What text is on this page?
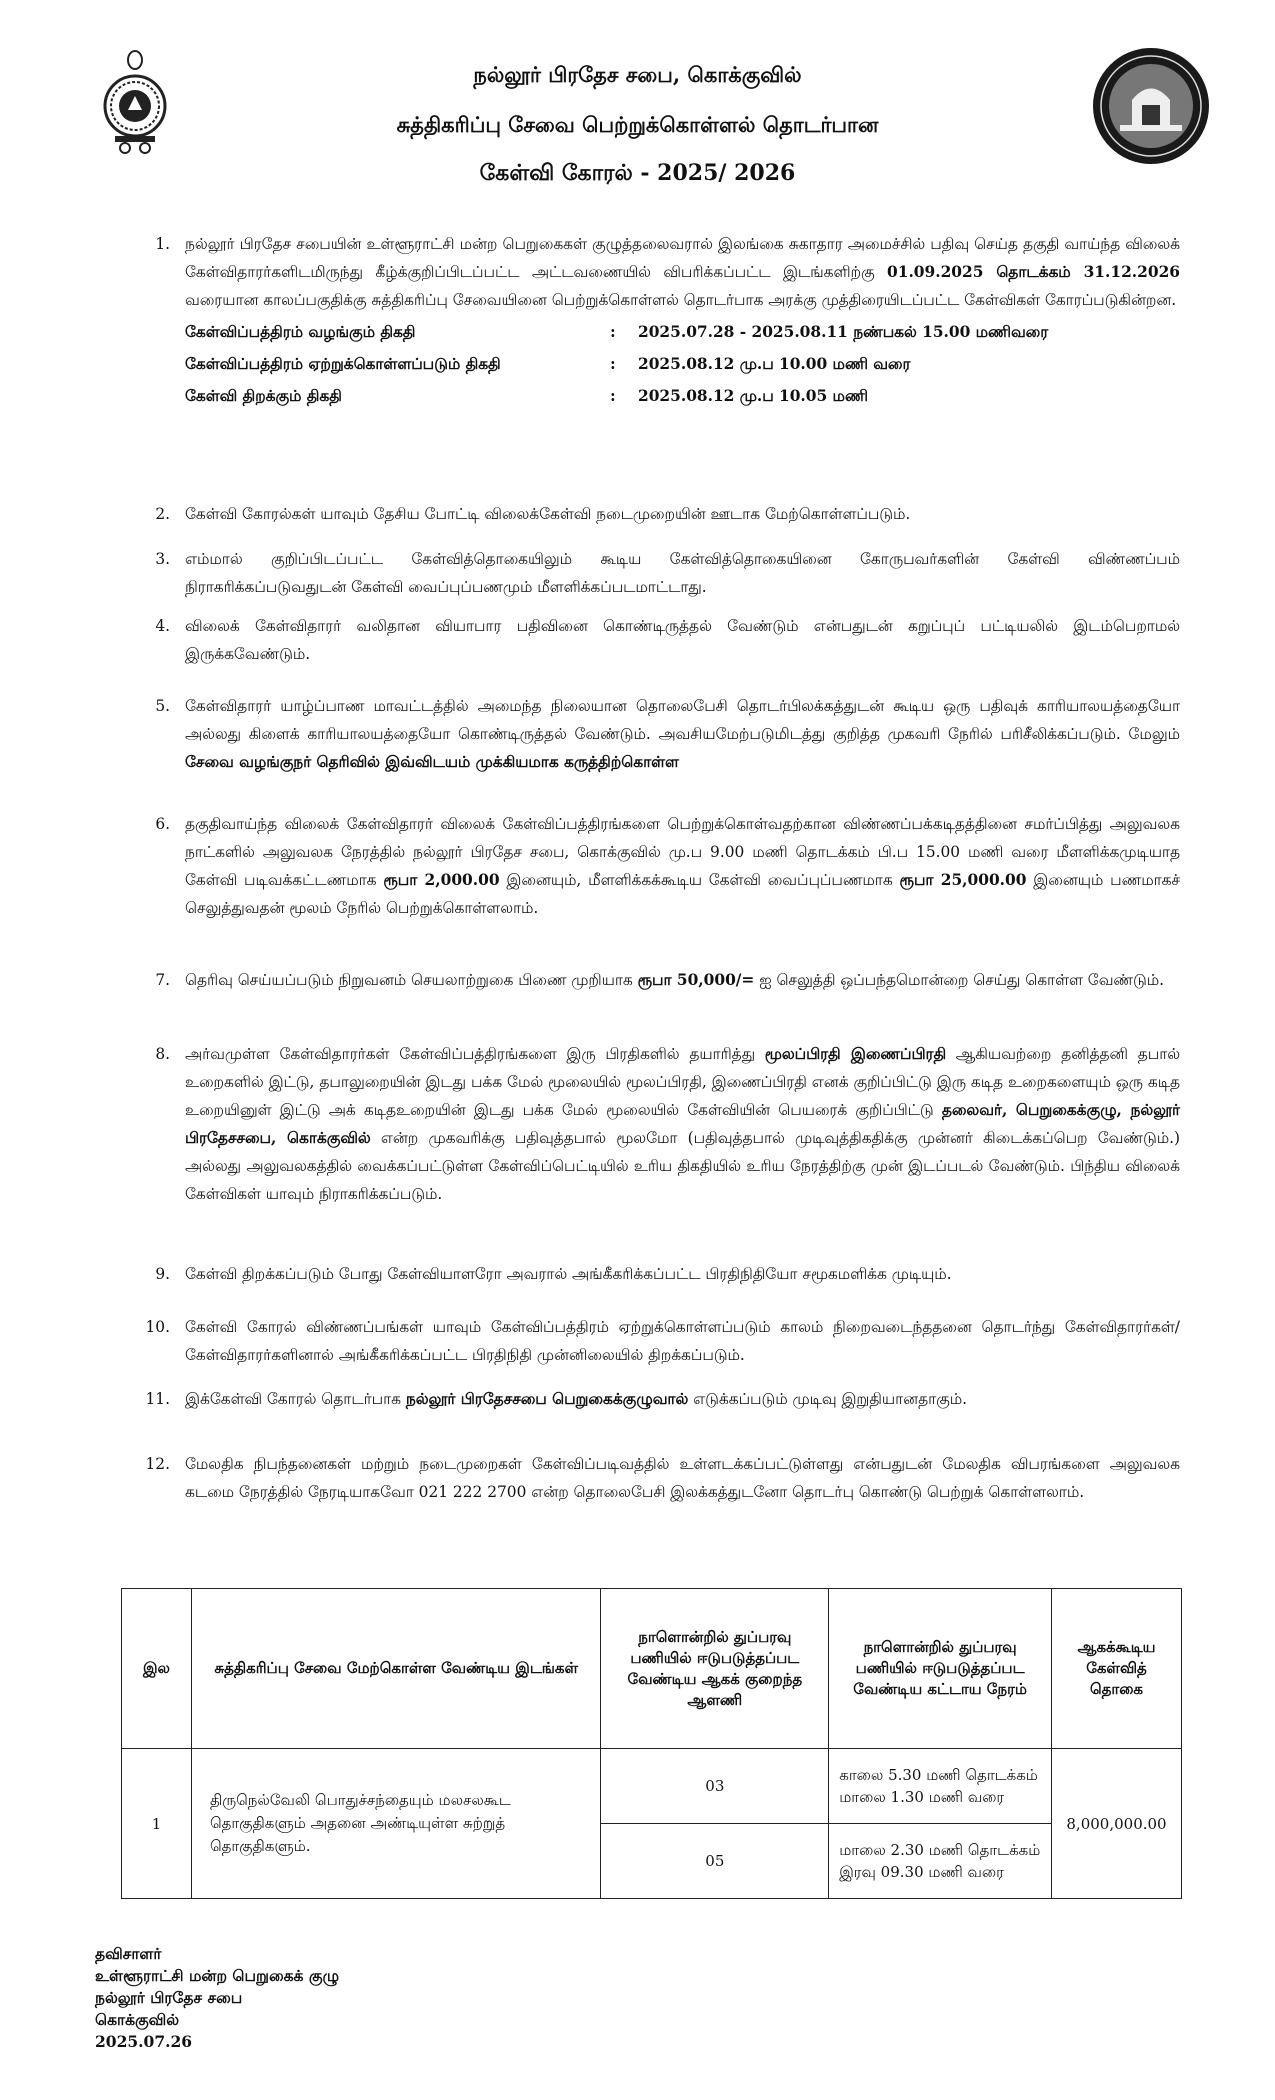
நல்லூர் பிரதேச சபை, கொக்குவில்
சுத்திகரிப்பு சேவை பெற்றுக்கொள்ளல் தொடர்பான
கேள்வி கோரல் - 2025/ 2026
1. நல்லூர் பிரதேச சபையின் உள்ளூராட்சி மன்ற பெறுகைகள் குழுத்தலைவரால் இலங்கை சுகாதார அமைச்சில் பதிவு செய்த தகுதி வாய்ந்த விலைக் கேள்விதாரர்களிடமிருந்து கீழ்க்குறிப்பிடப்பட்ட அட்டவணையில் விபரிக்கப்பட்ட இடங்களிற்கு 01.09.2025 தொடக்கம் 31.12.2026 வரையான காலப்பகுதிக்கு சுத்திகரிப்பு சேவையினை பெற்றுக்கொள்ளல் தொடர்பாக அரக்கு முத்திரையிடப்பட்ட கேள்விகள் கோரப்படுகின்றன.
கேள்விப்பத்திரம் வழங்கும் திகதி	:	2025.07.28 - 2025.08.11 நண்பகல் 15.00 மணிவரை
கேள்விப்பத்திரம் ஏற்றுக்கொள்ளப்படும் திகதி	:	2025.08.12 மு.ப 10.00 மணி வரை
கேள்வி திறக்கும் திகதி	:	2025.08.12 மு.ப 10.05 மணி
2. கேள்வி கோரல்கள் யாவும் தேசிய போட்டி விலைக்கேள்வி நடைமுறையின் ஊடாக மேற்கொள்ளப்படும்.
3. எம்மால் குறிப்பிடப்பட்ட கேள்வித்தொகையிலும் கூடிய கேள்வித்தொகையினை கோருபவர்களின் கேள்வி விண்ணப்பம் நிராகரிக்கப்படுவதுடன் கேள்வி வைப்புப்பணமும் மீளளிக்கப்படமாட்டாது.
4. விலைக் கேள்விதாரர் வலிதான வியாபார பதிவினை கொண்டிருத்தல் வேண்டும் என்பதுடன் கறுப்புப் பட்டியலில் இடம்பெறாமல் இருக்கவேண்டும்.
5. கேள்விதாரர் யாழ்ப்பாண மாவட்டத்தில் அமைந்த நிலையான தொலைபேசி தொடர்பிலக்கத்துடன் கூடிய ஒரு பதிவுக் காரியாலயத்தையோ அல்லது கிளைக் காரியாலயத்தையோ கொண்டிருத்தல் வேண்டும். அவசியமேற்படுமிடத்து குறித்த முகவரி நேரில் பரிசீலிக்கப்படும். மேலும் சேவை வழங்குநர் தெரிவில் இவ்விடயம் முக்கியமாக கருத்திற்கொள்ள
6. தகுதிவாய்ந்த விலைக் கேள்விதாரர் விலைக் கேள்விப்பத்திரங்களை பெற்றுக்கொள்வதற்கான விண்ணப்பக்கடிதத்தினை சமர்ப்பித்து அலுவலக நாட்களில் அலுவலக நேரத்தில் நல்லூர் பிரதேச சபை, கொக்குவில் மு.ப 9.00 மணி தொடக்கம் பி.ப 15.00 மணி வரை மீளளிக்கமுடியாத கேள்வி படிவக்கட்டணமாக ரூபா 2,000.00 இனையும், மீளளிக்கக்கூடிய கேள்வி வைப்புப்பணமாக ரூபா 25,000.00 இனையும் பணமாகச் செலுத்துவதன் மூலம் நேரில் பெற்றுக்கொள்ளலாம்.
7. தெரிவு செய்யப்படும் நிறுவனம் செயலாற்றுகை பிணை முறியாக ரூபா 50,000/= ஐ செலுத்தி ஒப்பந்தமொன்றை செய்து கொள்ள வேண்டும்.
8. அர்வமுள்ள கேள்விதாரர்கள் கேள்விப்பத்திரங்களை இரு பிரதிகளில் தயாரித்து மூலப்பிரதி இணைப்பிரதி ஆகியவற்றை தனித்தனி தபால் உறைகளில் இட்டு, தபாலுறையின் இடது பக்க மேல் மூலையில் மூலப்பிரதி, இணைப்பிரதி எனக் குறிப்பிட்டு இரு கடித உறைகளையும் ஒரு கடித உறையினுள் இட்டு அக் கடிதஉறையின் இடது பக்க மேல் மூலையில் கேள்வியின் பெயரைக் குறிப்பிட்டு தலைவர், பெறுகைக்குழு, நல்லூர் பிரதேசசபை, கொக்குவில் என்ற முகவரிக்கு பதிவுத்தபால் மூலமோ (பதிவுத்தபால் முடிவுத்திகதிக்கு முன்னர் கிடைக்கப்பெற வேண்டும்.) அல்லது அலுவலகத்தில் வைக்கப்பட்டுள்ள கேள்விப்பெட்டியில் உரிய திகதியில் உரிய நேரத்திற்கு முன் இடப்படல் வேண்டும். பிந்திய விலைக் கேள்விகள் யாவும் நிராகரிக்கப்படும்.
9. கேள்வி திறக்கப்படும் போது கேள்வியாளரோ அவரால் அங்கீகரிக்கப்பட்ட பிரதிநிதியோ சமூகமளிக்க முடியும்.
10. கேள்வி கோரல் விண்ணப்பங்கள் யாவும் கேள்விப்பத்திரம் ஏற்றுக்கொள்ளப்படும் காலம் நிறைவடைந்ததனை தொடர்ந்து கேள்விதாரர்கள்/ கேள்விதாரர்களினால் அங்கீகரிக்கப்பட்ட பிரதிநிதி முன்னிலையில் திறக்கப்படும்.
11. இக்கேள்வி கோரல் தொடர்பாக நல்லூர் பிரதேசசபை பெறுகைக்குழுவால் எடுக்கப்படும் முடிவு இறுதியானதாகும்.
12. மேலதிக நிபந்தனைகள் மற்றும் நடைமுறைகள் கேள்விப்படிவத்தில் உள்ளடக்கப்பட்டுள்ளது என்பதுடன் மேலதிக விபரங்களை அலுவலக கடமை நேரத்தில் நேரடியாகவோ 021 222 2700 என்ற தொலைபேசி இலக்கத்துடனோ தொடர்பு கொண்டு பெற்றுக் கொள்ளலாம்.
இல	சுத்திகரிப்பு சேவை மேற்கொள்ள வேண்டிய இடங்கள்	நாளொன்றில் துப்பரவு பணியில் ஈடுபடுத்தப்பட வேண்டிய ஆகக் குறைந்த ஆளணி	நாளொன்றில் துப்பரவு பணியில் ஈடுபடுத்தப்பட வேண்டிய கட்டாய நேரம்	ஆகக்கூடிய கேள்வித் தொகை
1	திருநெல்வேலி பொதுச்சந்தையும் மலசலகூட தொகுதிகளும் அதனை அண்டியுள்ள சுற்றுத் தொகுதிகளும்.	03	காலை 5.30 மணி தொடக்கம் மாலை 1.30 மணி வரை	8,000,000.00
		05	மாலை 2.30 மணி தொடக்கம் இரவு 09.30 மணி வரை	
தவிசாளர்
உள்ளூராட்சி மன்ற பெறுகைக் குழு
நல்லூர் பிரதேச சபை
கொக்குவில்
2025.07.26
